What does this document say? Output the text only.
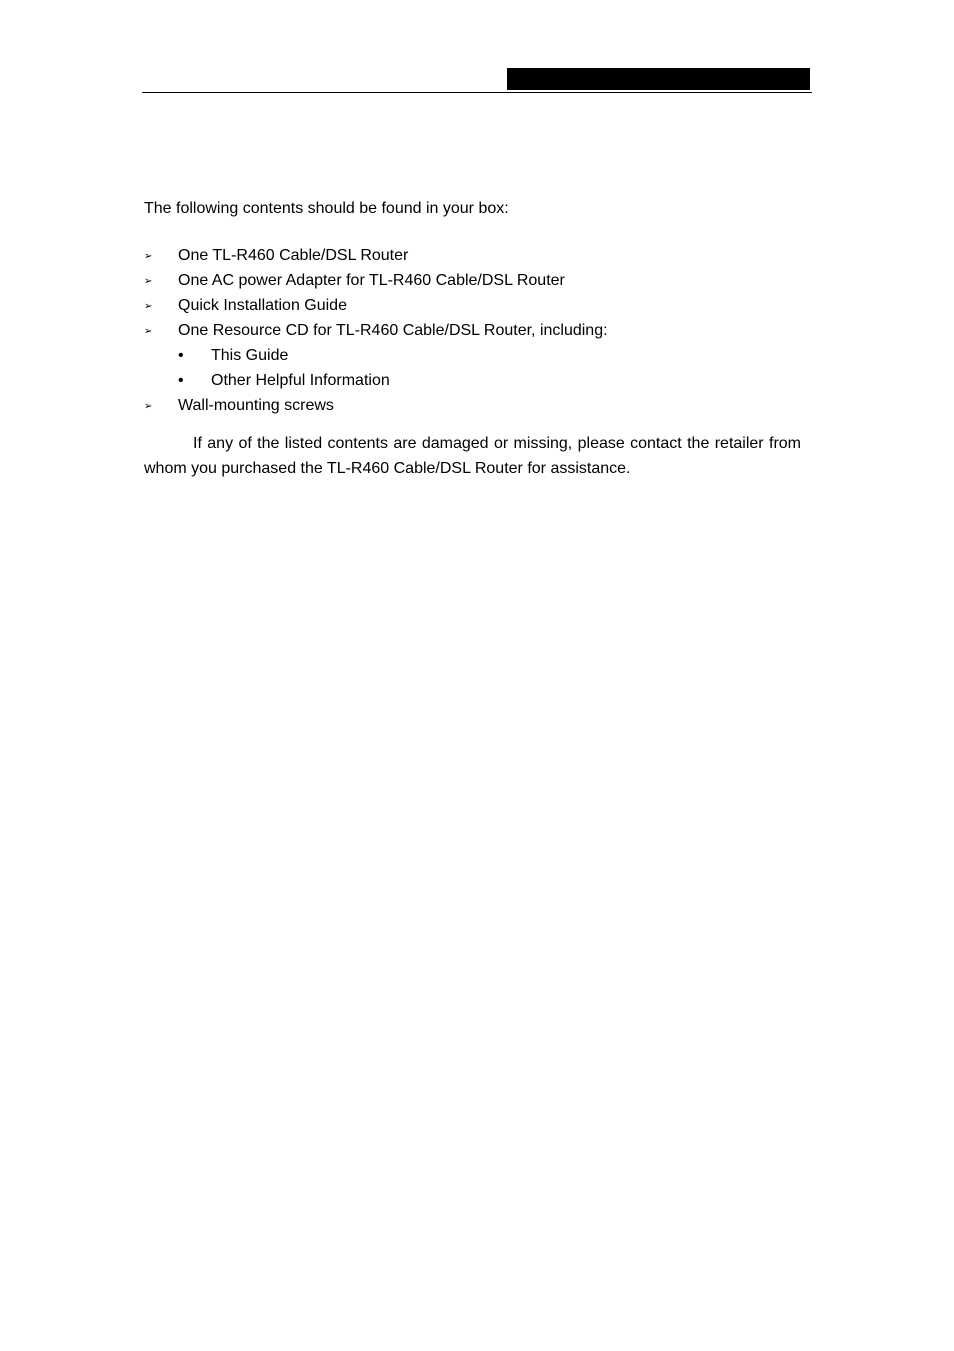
The following contents should be found in your box:

➢ One TL-R460 Cable/DSL Router
➢ One AC power Adapter for TL-R460 Cable/DSL Router
➢ Quick Installation Guide
➢ One Resource CD for TL-R460 Cable/DSL Router, including:
• This Guide
• Other Helpful Information
➢ Wall-mounting screws

If any of the listed contents are damaged or missing, please contact the retailer from whom you purchased the TL-R460 Cable/DSL Router for assistance.
